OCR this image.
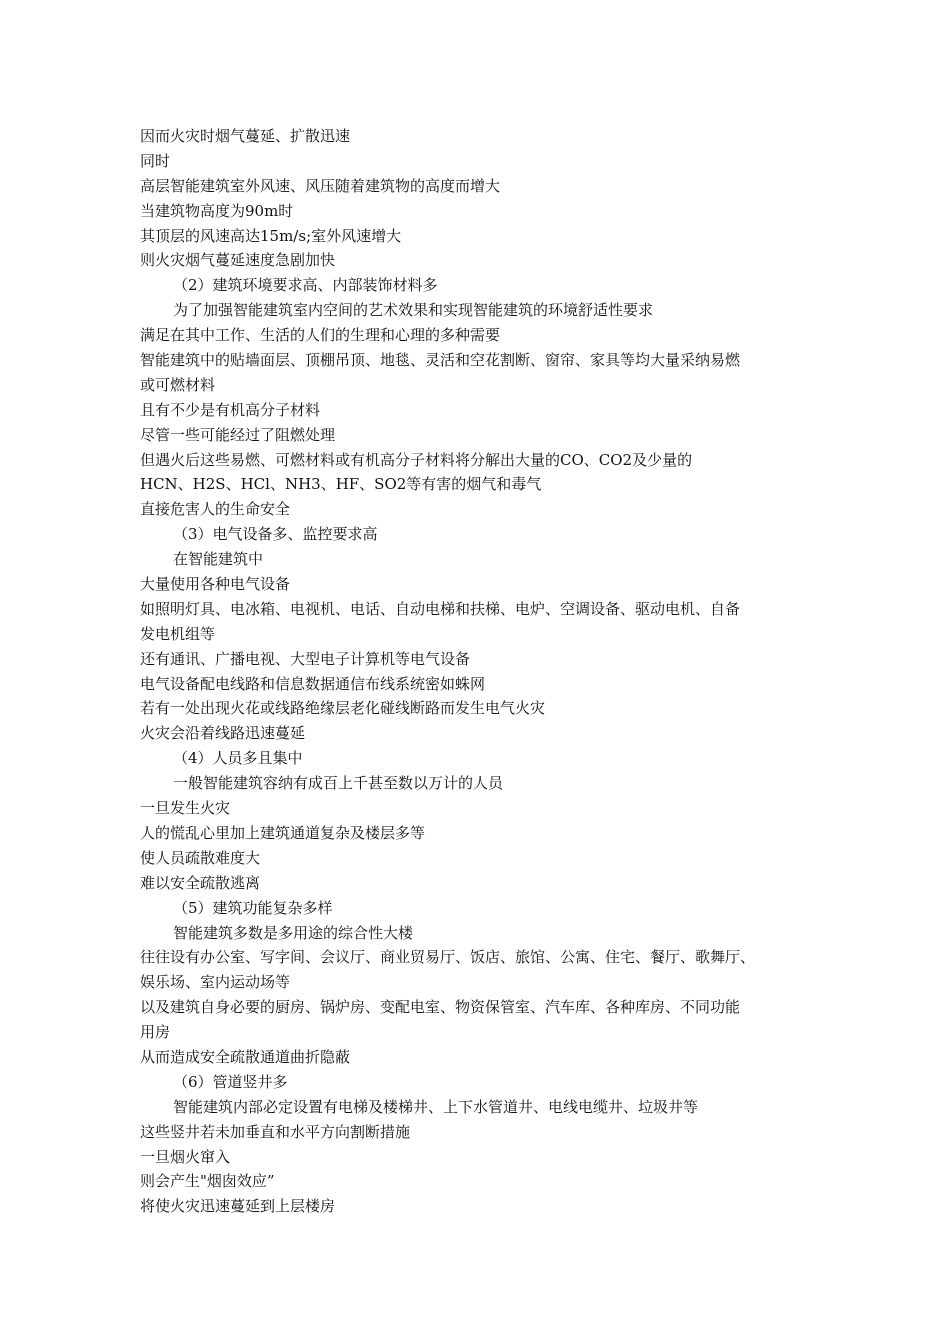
因而火灾时烟气蔓延、扩散迅速
同时
高层智能建筑室外风速、风压随着建筑物的高度而增大
当建筑物高度为90m时
其顶层的风速高达15m/s;室外风速增大
则火灾烟气蔓延速度急剧加快
（2）建筑环境要求高、内部装饰材料多
为了加强智能建筑室内空间的艺术效果和实现智能建筑的环境舒适性要求
满足在其中工作、生活的人们的生理和心理的多种需要
智能建筑中的贴墙面层、顶棚吊顶、地毯、灵活和空花割断、窗帘、家具等均大量采纳易燃
或可燃材料
且有不少是有机高分子材料
尽管一些可能经过了阻燃处理
但遇火后这些易燃、可燃材料或有机高分子材料将分解出大量的CO、CO2及少量的
HCN、H2S、HCl、NH3、HF、SO2等有害的烟气和毒气
直接危害人的生命安全
（3）电气设备多、监控要求高
在智能建筑中
大量使用各种电气设备
如照明灯具、电冰箱、电视机、电话、自动电梯和扶梯、电炉、空调设备、驱动电机、自备
发电机组等
还有通讯、广播电视、大型电子计算机等电气设备
电气设备配电线路和信息数据通信布线系统密如蛛网
若有一处出现火花或线路绝缘层老化碰线断路而发生电气火灾
火灾会沿着线路迅速蔓延
（4）人员多且集中
一般智能建筑容纳有成百上千甚至数以万计的人员
一旦发生火灾
人的慌乱心里加上建筑通道复杂及楼层多等
使人员疏散难度大
难以安全疏散逃离
（5）建筑功能复杂多样
智能建筑多数是多用途的综合性大楼
往往设有办公室、写字间、会议厅、商业贸易厅、饭店、旅馆、公寓、住宅、餐厅、歌舞厅、
娱乐场、室内运动场等
以及建筑自身必要的厨房、锅炉房、变配电室、物资保管室、汽车库、各种库房、不同功能
用房
从而造成安全疏散通道曲折隐蔽
（6）管道竖井多
智能建筑内部必定设置有电梯及楼梯井、上下水管道井、电线电缆井、垃圾井等
这些竖井若未加垂直和水平方向割断措施
一旦烟火窜入
则会产生"烟囱效应”
将使火灾迅速蔓延到上层楼房
